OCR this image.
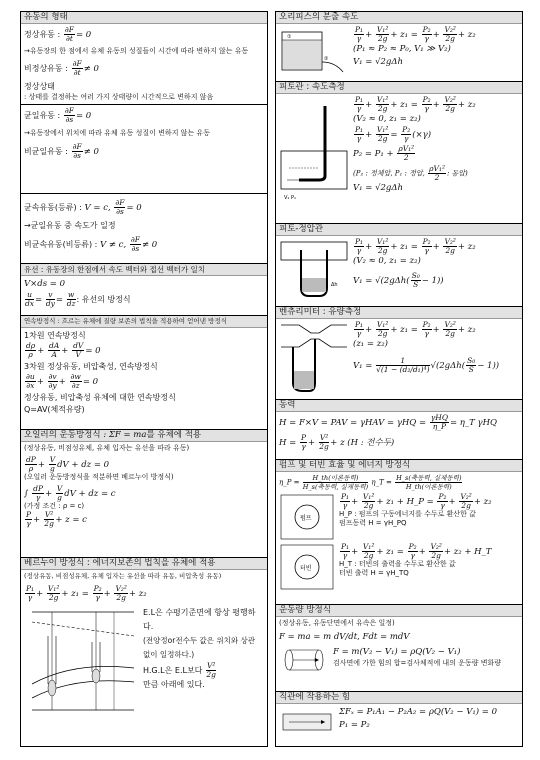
유동의 형태
정상유동 : $\frac{\partial F}{\partial t} = 0$
→유동장의 한 점에서 유체 유동의 성질들이 시간에 따라 변하지 않는 유동
비정상유동 : $\frac{\partial F}{\partial t} \ne 0$
정상상태
: 상태를 결정하는 여러 가지 상태량이 시간적으로 변하지 않음
균일유동 : $\frac{\partial F}{\partial s} = 0$
→유동장에서 위치에 따라 유체 유동 성질이 변하지 않는 유동
비균일유동 : $\frac{\partial F}{\partial s} \ne 0$
균속유동(등류) : V = c, $\frac{\partial F}{\partial s} = 0$
→균일유동 중 속도가 일정
비균속유동(비등류) : V ≠ c, $\frac{\partial F}{\partial s} \ne 0$
유선 : 유동장의 한점에서 속도 벡터와 접선 벡터가 일치
V×ds = 0
$\frac{u}{dx} = \frac{v}{dy} = \frac{w}{dz}$ : 유선의 방정식
연속방정식 : 흐르는 유체에 질량 보존의 법칙을 적용하여 얻어낸 방정식
1차원 연속방정식
$\frac{d\rho}{\rho} + \frac{dA}{A} + \frac{dV}{V} = 0$
3차원 정상유동, 비압축성, 연속방정식
$\frac{\partial u}{\partial x} + \frac{\partial v}{\partial y} + \frac{\partial w}{\partial z} = 0$
정상유동, 비압축성 유체에 대한 연속방정식
Q=AV(체적유량)
오일러의 운동방정식 : ΣF = ma를 유체에 적용
(정상유동, 비점성유체, 유체 입자는 유선을 따라 유동)
$\frac{dP}{\rho} + \frac{V}{g}$ dV + dz = 0
(오일러 운동방정식을 적분하면 베르누이 방정식)
∫ $\frac{dP}{\gamma} + \frac{V}{g}$ dV + dz = c
(가정 조건 : ρ = c)
$\frac{P}{\gamma} + \frac{\text{V²}}{2g} + z = c$
베르누이 방정식 : 에너지보존의 법칙을 유체에 적용
(정상유동, 비점성유체, 유체 입자는 유선을 따라 유동, 비압축성 유동)
$\frac{\text{P₁}}{\gamma} + \frac{\text{V₁²}}{2g} + z_1 = \frac{\text{P₂}}{\gamma} + \frac{\text{V₂²}}{2g} + z_2$
E.L은 수평기준면에 항상 평행하다.
(전양정or전수두 값은 위치와 상관없이 일정하다.)
H.G.L은 E.L보다 $\frac{\text{V²}}{2g}$
만큼 아래에 있다.
오리피스의 분출 속도
①
②
$\frac{\text{P₁}}{\gamma} + \frac{\text{V₁²}}{2g} + z_1 = \frac{\text{P₂}}{\gamma} + \frac{\text{V₂²}}{2g} + z_2$
(P₁ ≈ P₂ ≈ P₀, V₁ ≫ V₂)
V₁ = √2gΔh
피토관 : 속도측정
V₁ P₁
$\frac{\text{P₁}}{\gamma} + \frac{\text{V₁²}}{2g} + z_1 = \frac{\text{P₂}}{\gamma} + \frac{\text{V₂²}}{2g} + z_2$
(V₂ ≈ 0, z₁ = z₂)
$\frac{\text{P₁}}{\gamma} + \frac{\text{V₁²}}{2g} = \frac{\text{P₂}}{\gamma} (\times\gamma)$
$P_2 = P_1 + \frac{\text{ρV₁²}}{2}$
(P₂ : 정체압, P₁ : 정압, $\frac{\text{ρV₁²}}{2}$ : 동압)
V₁ = √2gΔh
피토-정압관
Δh
$\frac{\text{P₁}}{\gamma} + \frac{\text{V₁²}}{2g} + z_1 = \frac{\text{P₂}}{\gamma} + \frac{\text{V₂²}}{2g} + z_2$
(V₂ ≈ 0, z₁ = z₂)
$V_1 = √(2g\Delta h( \frac{\text{S₀}}{S} - 1))$
벤츄리미터 : 유량측정
$\frac{\text{P₁}}{\gamma} + \frac{\text{V₁²}}{2g} + z_1 = \frac{\text{P₂}}{\gamma} + \frac{\text{V₂²}}{2g} + z_2$
(z₁ = z₂)
$V_1 = \frac{1}{\text{√(1 − (d₂/d₁)⁴)}} √(2g\Delta h( \frac{\text{S₀}}{S} - 1))$
동력
H = F×V = PAV = $\gamma HAV = \gamma HQ = \frac{\text{γHQ}}{\eta\_P}$ = η_T γHQ
$H = \frac{P}{\gamma} + \frac{\text{V²}}{2g} + z$ (H : 전수두)
펌프 및 터빈 효율 및 에너지 방정식
η_P = $\frac{\text{H\_th(이론동력)}}{\text{H\_s(축동력, 실제동력)}}$ η_T = $\frac{\text{H\_s(축동력, 실제동력)}}{\text{H\_th(이론동력)}}$
펌프
$\frac{\text{P₁}}{\gamma} + \frac{\text{V₁²}}{2g} + z_1$ + H_P = $\frac{\text{P₂}}{\gamma} + \frac{\text{V₂²}}{2g} + z_2$
H_P : 펌프의 구동에너지를 수두로 환산한 값
펌프동력 H = γH_PQ
터빈
$\frac{\text{P₁}}{\gamma} + \frac{\text{V₁²}}{2g} + z_1 = \frac{\text{P₂}}{\gamma} + \frac{\text{V₂²}}{2g} + z_2$ + H_T
H_T : 터빈의 출력을 수두로 환산한 값
터빈 출력 H = γH_TQ
운동량 방정식
(정상유동, 유동단면에서 유속은 일정)
F = ma = m dV/dt, Fdt = mdV
F = m(V₂ − V₁) = ρQ(V₂ − V₁)
검사면에 가한 힘의 합=검사체적에 내의 운동량 변화량
직관에 작용하는 힘
ΣFₓ = P₁A₁ − P₂A₂ = ρQ(V₂ − V₁) = 0
P₁ = P₂
